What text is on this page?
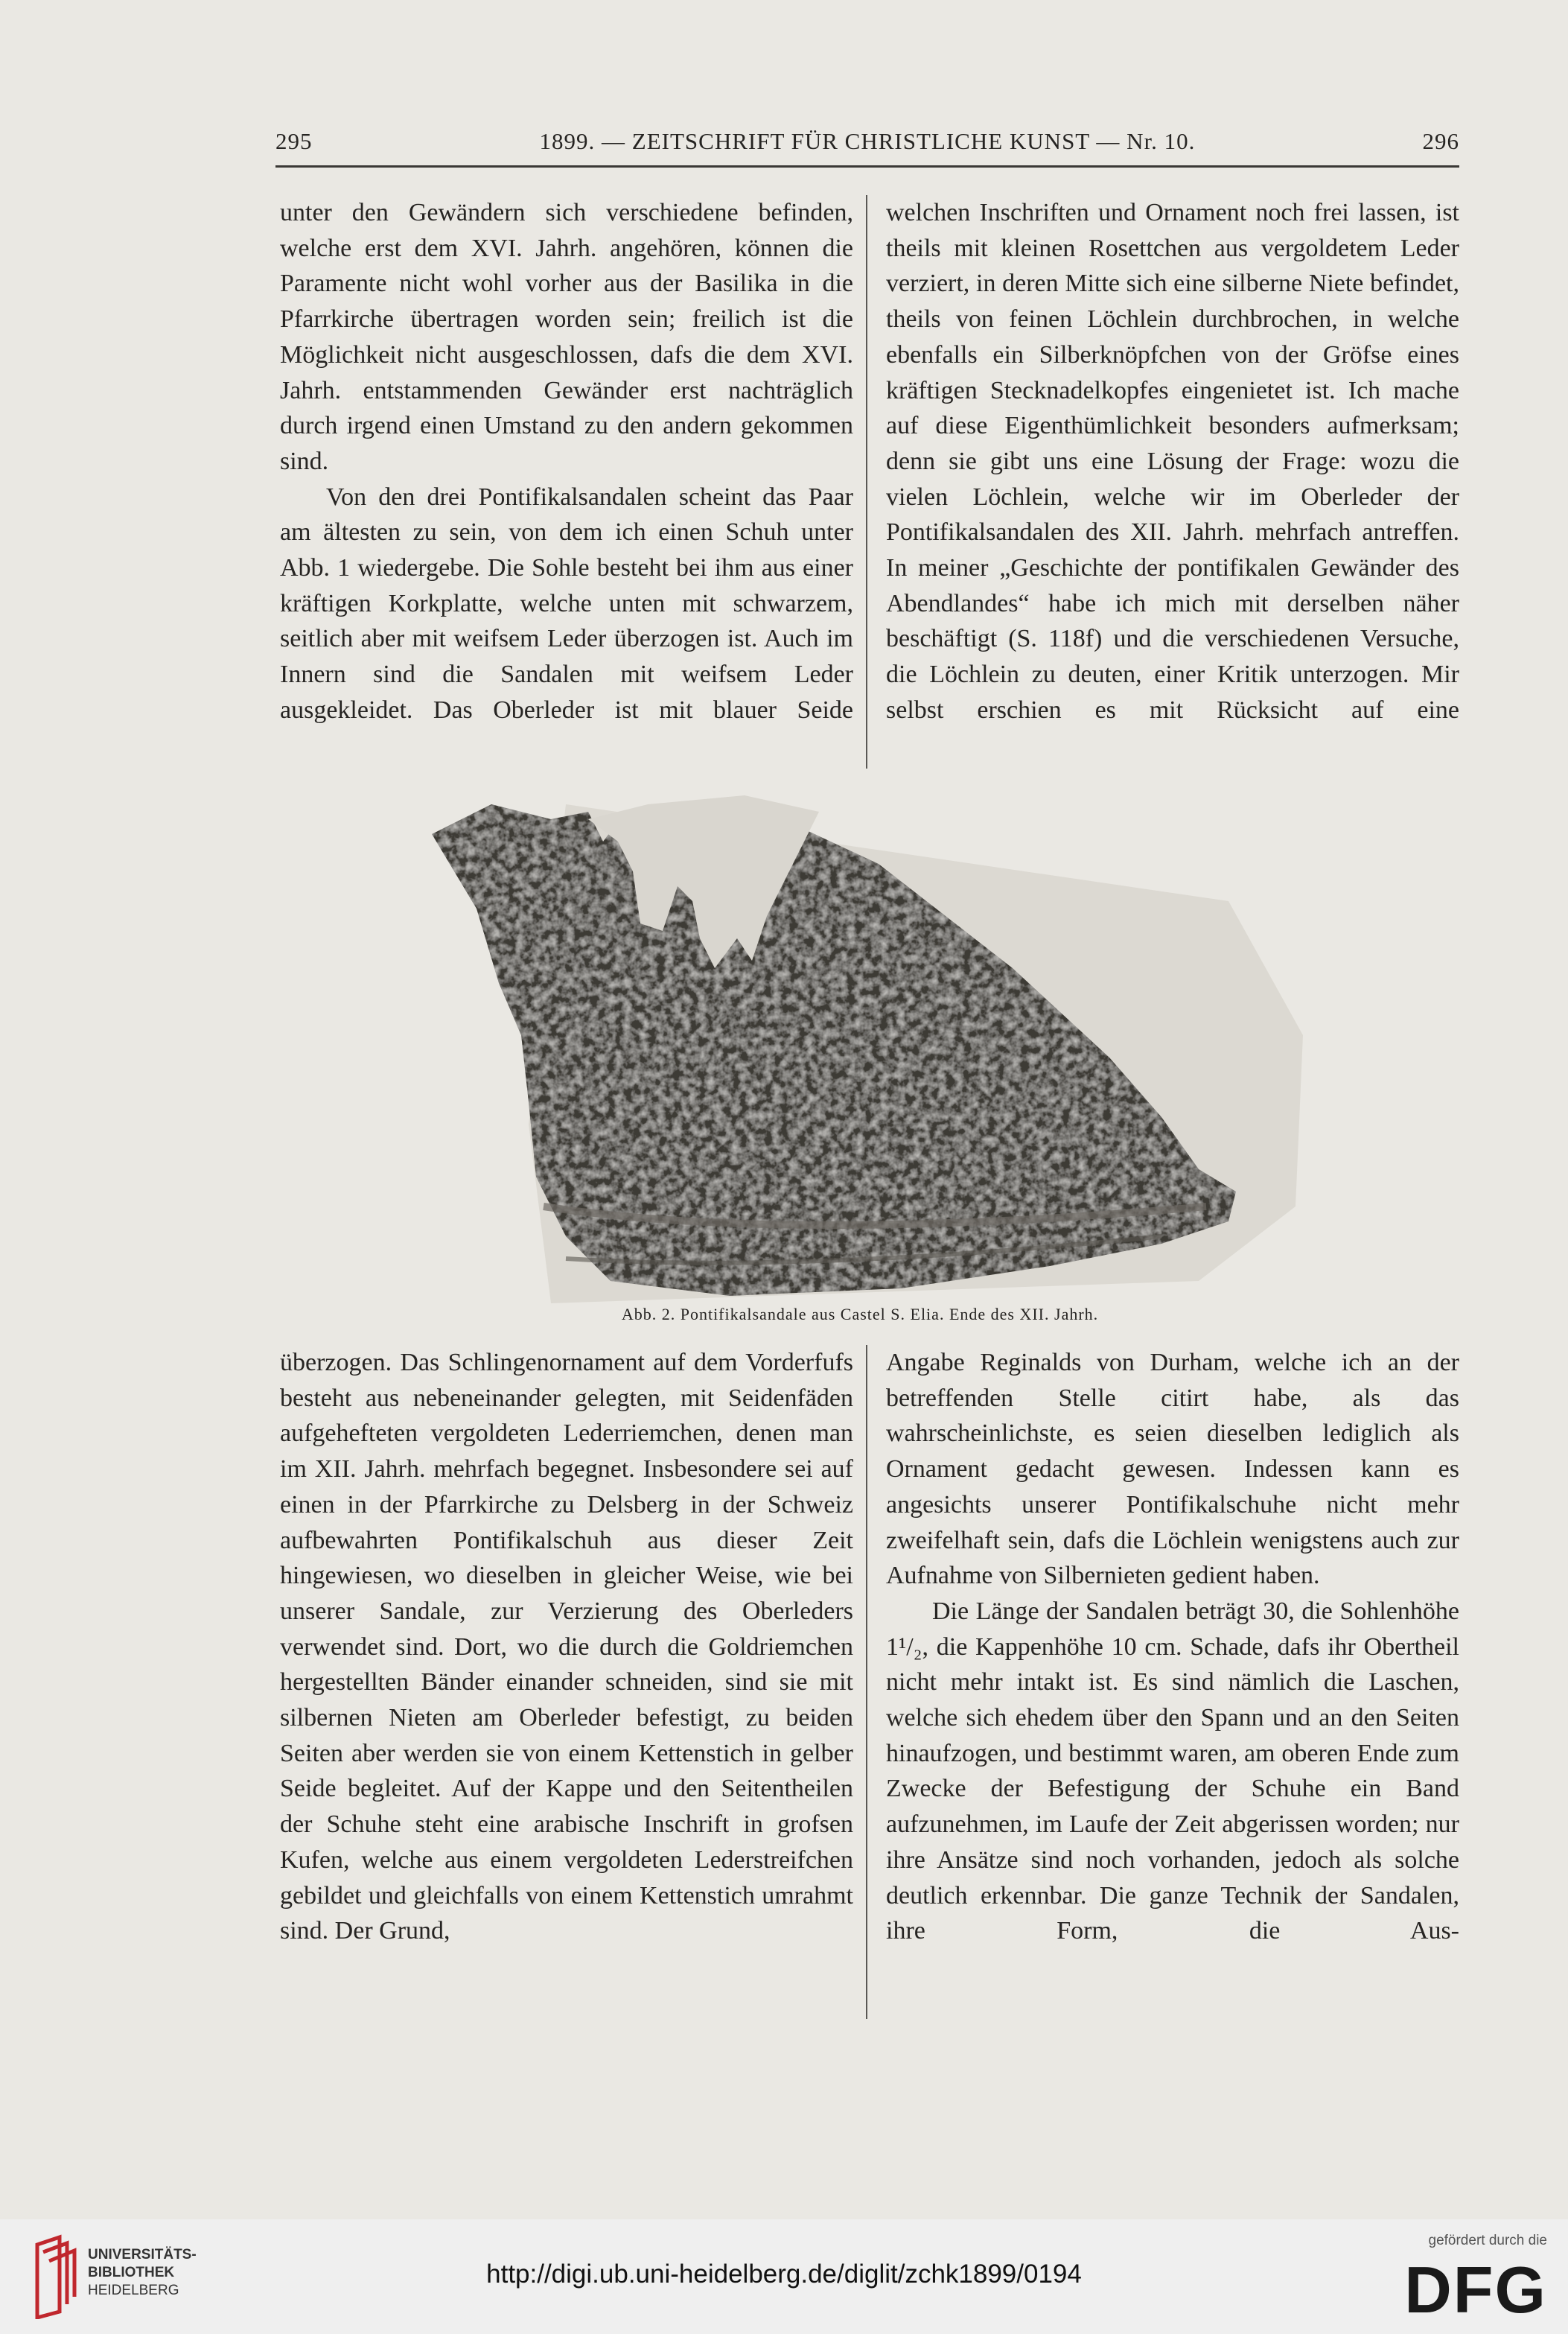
295	1899. — ZEITSCHRIFT FÜR CHRISTLICHE KUNST — Nr. 10.	296

unter den Gewändern sich verschiedene befinden, welche erst dem XVI. Jahrh. angehören, können die Paramente nicht wohl vorher aus der Basilika in die Pfarrkirche übertragen worden sein; freilich ist die Möglichkeit nicht ausgeschlossen, dafs die dem XVI. Jahrh. entstammenden Gewänder erst nachträglich durch irgend einen Umstand zu den andern gekommen sind.

Von den drei Pontifikalsandalen scheint das Paar am ältesten zu sein, von dem ich einen Schuh unter Abb. 1 wiedergebe. Die Sohle besteht bei ihm aus einer kräftigen Korkplatte, welche unten mit schwarzem, seitlich aber mit weifsem Leder überzogen ist. Auch im Innern sind die Sandalen mit weifsem Leder ausgekleidet. Das Oberleder ist mit blauer Seide

welchen Inschriften und Ornament noch frei lassen, ist theils mit kleinen Rosettchen aus vergoldetem Leder verziert, in deren Mitte sich eine silberne Niete befindet, theils von feinen Löchlein durchbrochen, in welche ebenfalls ein Silberknöpfchen von der Gröfse eines kräftigen Stecknadelkopfes eingenietet ist. Ich mache auf diese Eigenthümlichkeit besonders aufmerksam; denn sie gibt uns eine Lösung der Frage: wozu die vielen Löchlein, welche wir im Oberleder der Pontifikalsandalen des XII. Jahrh. mehrfach antreffen. In meiner „Geschichte der pontifikalen Gewänder des Abendlandes“ habe ich mich mit derselben näher beschäftigt (S. 118f) und die verschiedenen Versuche, die Löchlein zu deuten, einer Kritik unterzogen. Mir selbst erschien es mit Rücksicht auf eine

Abb. 2. Pontifikalsandale aus Castel S. Elia. Ende des XII. Jahrh.

überzogen. Das Schlingenornament auf dem Vorderfufs besteht aus nebeneinander gelegten, mit Seidenfäden aufgehefteten vergoldeten Lederriemchen, denen man im XII. Jahrh. mehrfach begegnet. Insbesondere sei auf einen in der Pfarrkirche zu Delsberg in der Schweiz aufbewahrten Pontifikalschuh aus dieser Zeit hingewiesen, wo dieselben in gleicher Weise, wie bei unserer Sandale, zur Verzierung des Oberleders verwendet sind. Dort, wo die durch die Goldriemchen hergestellten Bänder einander schneiden, sind sie mit silbernen Nieten am Oberleder befestigt, zu beiden Seiten aber werden sie von einem Kettenstich in gelber Seide begleitet. Auf der Kappe und den Seitentheilen der Schuhe steht eine arabische Inschrift in grofsen Kufen, welche aus einem vergoldeten Lederstreifchen gebildet und gleichfalls von einem Kettenstich umrahmt sind. Der Grund,

Angabe Reginalds von Durham, welche ich an der betreffenden Stelle citirt habe, als das wahrscheinlichste, es seien dieselben lediglich als Ornament gedacht gewesen. Indessen kann es angesichts unserer Pontifikalschuhe nicht mehr zweifelhaft sein, dafs die Löchlein wenigstens auch zur Aufnahme von Silbernieten gedient haben.

Die Länge der Sandalen beträgt 30, die Sohlenhöhe 1¹/₂, die Kappenhöhe 10 cm. Schade, dafs ihr Obertheil nicht mehr intakt ist. Es sind nämlich die Laschen, welche sich ehedem über den Spann und an den Seiten hinaufzogen, und bestimmt waren, am oberen Ende zum Zwecke der Befestigung der Schuhe ein Band aufzunehmen, im Laufe der Zeit abgerissen worden; nur ihre Ansätze sind noch vorhanden, jedoch als solche deutlich erkennbar. Die ganze Technik der Sandalen, ihre Form, die Aus-

UNIVERSITÄTS-
BIBLIOTHEK
HEIDELBERG
http://digi.ub.uni-heidelberg.de/diglit/zchk1899/0194
gefördert durch die
DFG
